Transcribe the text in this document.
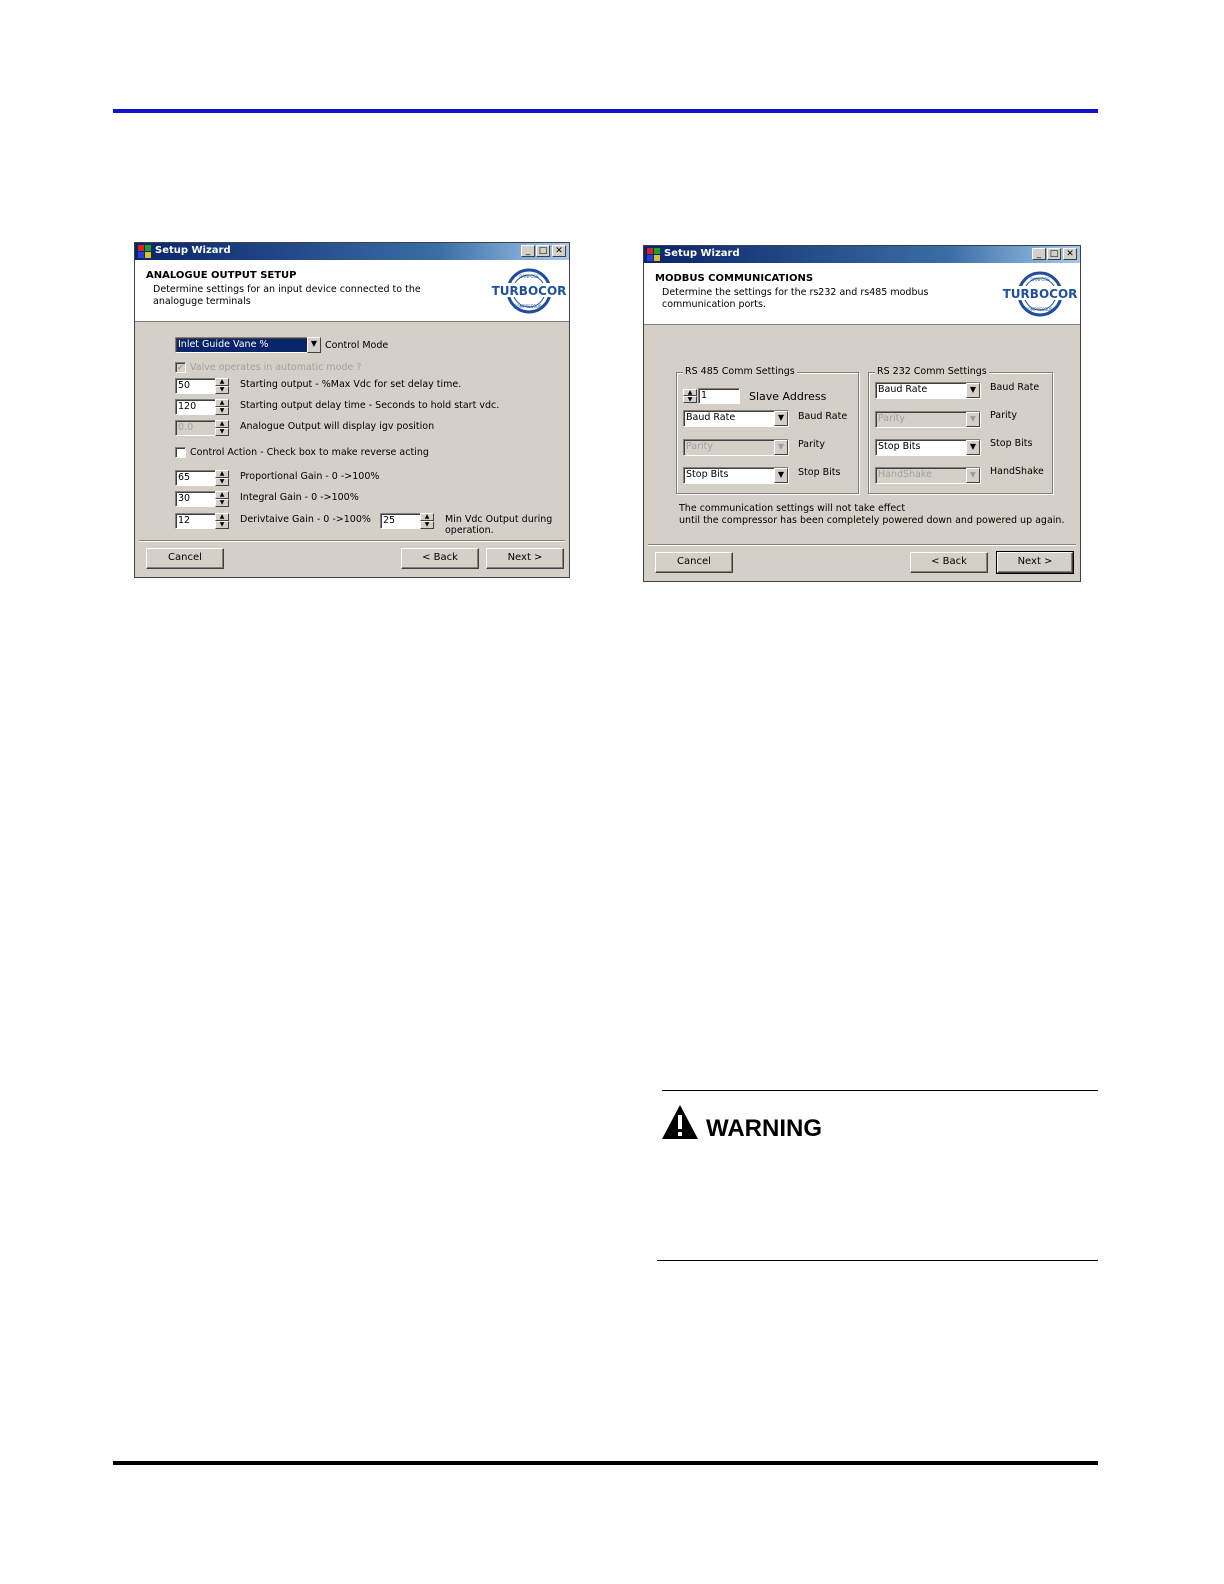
Setup Wizard	_ □ ✕
ANALOGUE OUTPUT SETUP
Determine settings for an input device connected to the analoguge terminals
TURBOCOR
DANFOSS
COMPRESSORS
Inlet Guide Vane %	▼ Control Mode
✓ Valve operates in automatic mode ?
50	▲
▼	Starting output - %Max Vdc for set delay time.
120	▲
▼	Starting output delay time - Seconds to hold start vdc.
0.0	▲
▼	Analogue Output will display igv position
Control Action - Check box to make reverse acting
65	▲
▼	Proportional Gain - 0 ->100%
30	▲
▼	Integral Gain - 0 ->100%
12	▲
▼	Derivtaive Gain - 0 ->100%	25	▲
▼	Min Vdc Output during
operation.
Cancel	< Back	Next >
Setup Wizard	_ □ ✕
MODBUS COMMUNICATIONS
Determine the settings for the rs232 and rs485 modbus communication ports.
TURBOCOR
DANFOSS
COMPRESSORS
RS 485 Comm Settings
▲
▼ 1	Slave Address
Baud Rate	▼	Baud Rate
Parity	▼	Parity
Stop Bits	▼	Stop Bits
RS 232 Comm Settings
Baud Rate	▼	Baud Rate
Parity	▼	Parity
Stop Bits	▼	Stop Bits
HandShake	▼	HandShake
The communication settings will not take effect
until the compressor has been completely powered down and powered up again.
Cancel	< Back	Next >
WARNING
